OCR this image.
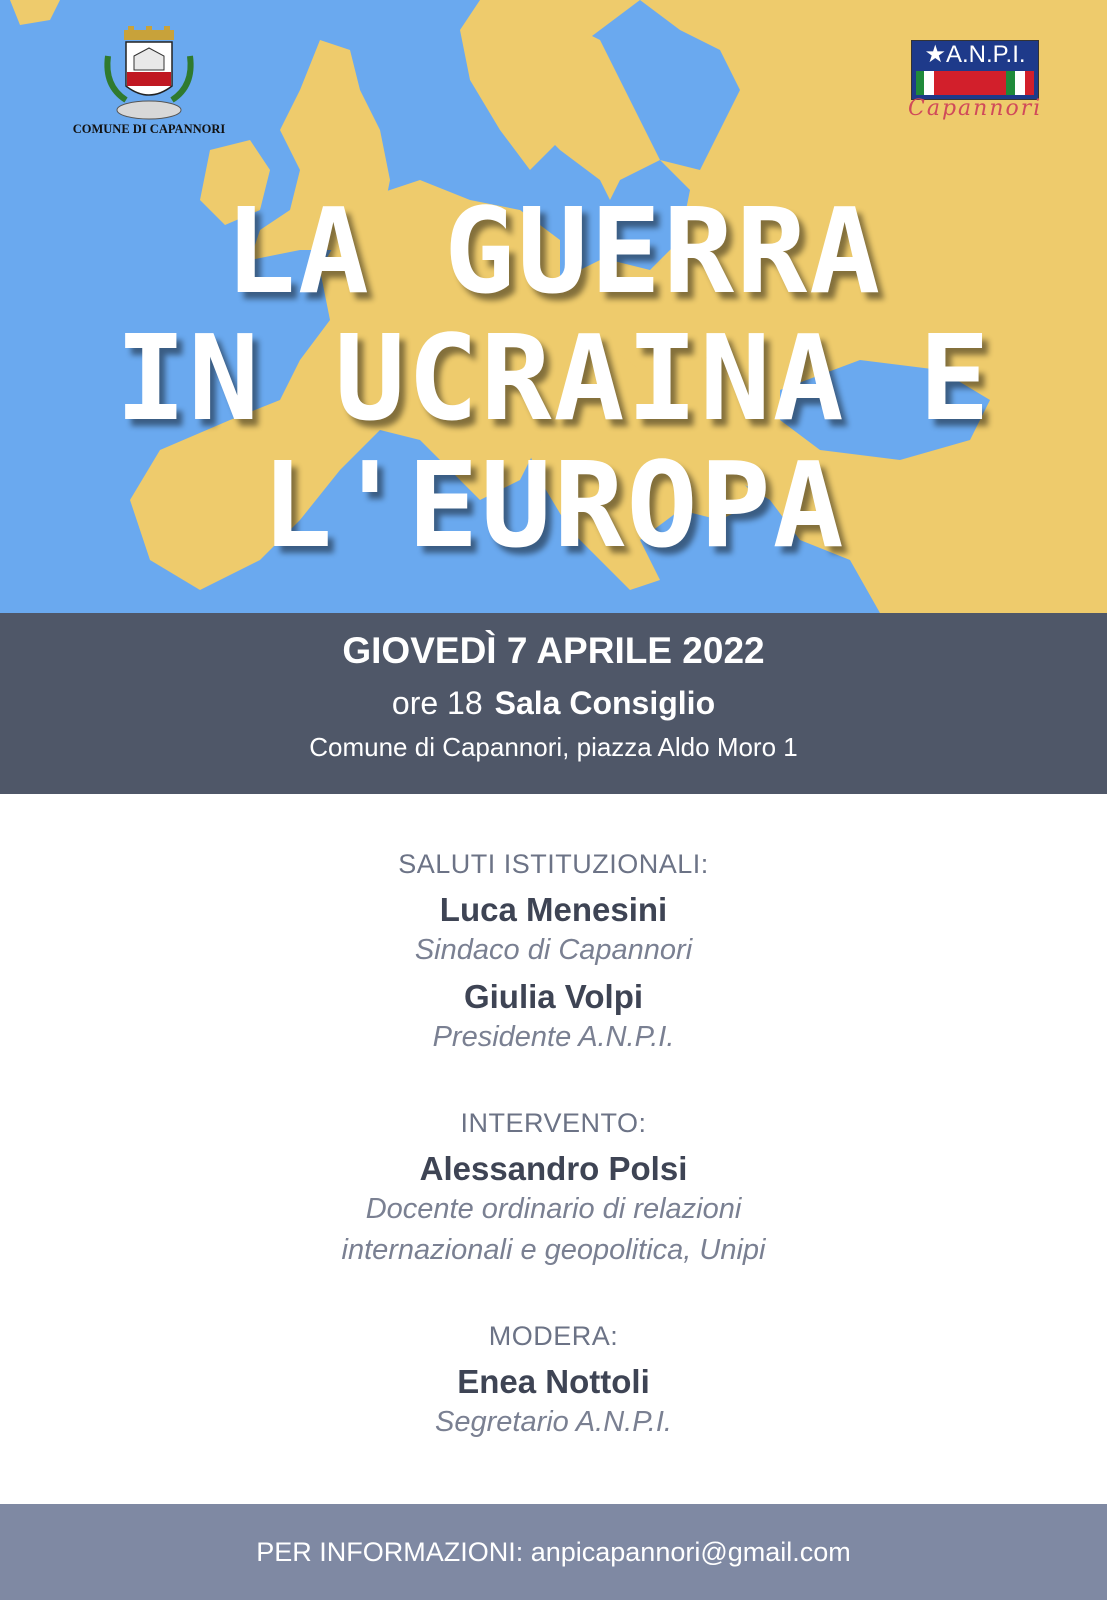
COMUNE DI CAPANNORI
★A.N.P.I.
Capannori
LA GUERRA
IN UCRAINA E
L'EUROPA
GIOVEDÌ 7 APRILE 2022
ore 18 Sala Consiglio
Comune di Capannori, piazza Aldo Moro 1
SALUTI ISTITUZIONALI:
Luca Menesini
Sindaco di Capannori
Giulia Volpi
Presidente A.N.P.I.
INTERVENTO:
Alessandro Polsi
Docente ordinario di relazioni
internazionali e geopolitica, Unipi
MODERA:
Enea Nottoli
Segretario A.N.P.I.
PER INFORMAZIONI: anpicapannori@gmail.com
